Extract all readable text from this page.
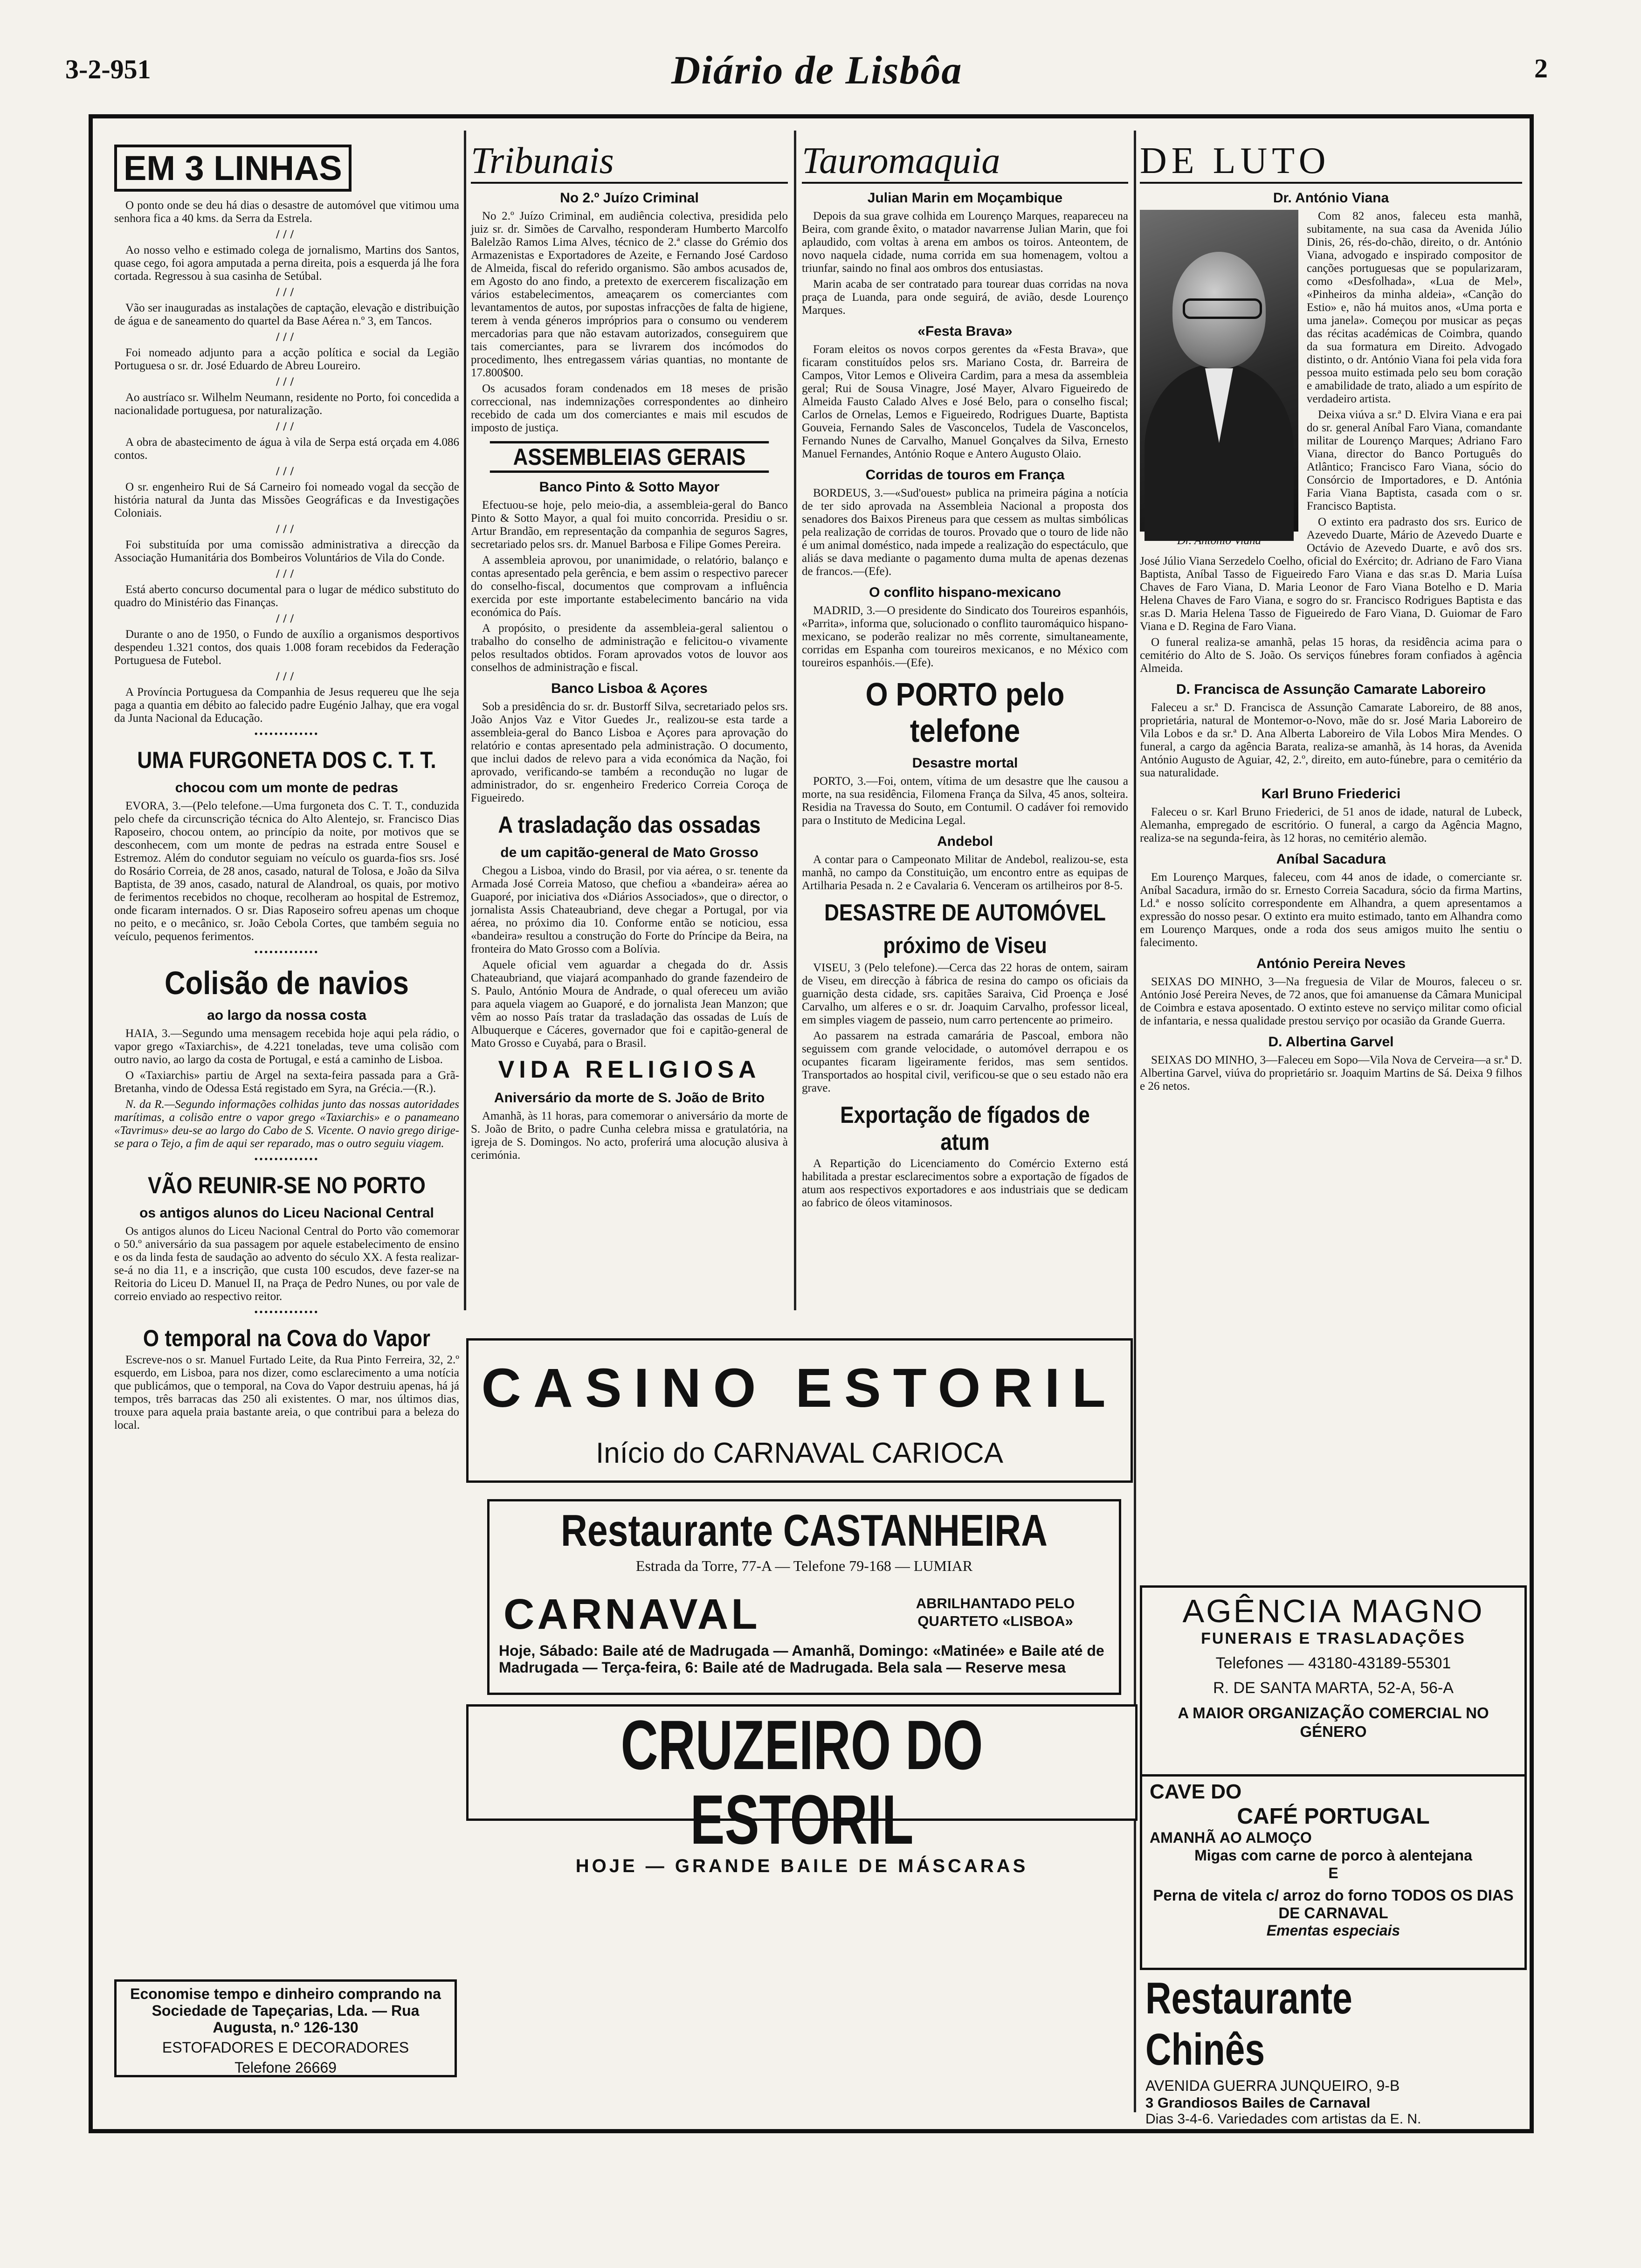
3-2-951	Diário de Lisbôa	2
EM 3 LINHAS

O ponto onde se deu há dias o desastre de automóvel que vitimou uma senhora fica a 40 kms. da Serra da Estrela.

///

Ao nosso velho e estimado colega de jornalismo, Martins dos Santos, quase cego, foi agora amputada a perna direita, pois a esquerda já lhe fora cortada. Regressou à sua casinha de Setúbal.

///

Vão ser inauguradas as instalações de captação, elevação e distribuição de água e de saneamento do quartel da Base Aérea n.º 3, em Tancos.

///

Foi nomeado adjunto para a acção política e social da Legião Portuguesa o sr. dr. José Eduardo de Abreu Loureiro.

///

Ao austríaco sr. Wilhelm Neumann, residente no Porto, foi concedida a nacionalidade portuguesa, por naturalização.

///

A obra de abastecimento de água à vila de Serpa está orçada em 4.086 contos.

///

O sr. engenheiro Rui de Sá Carneiro foi nomeado vogal da secção de história natural da Junta das Missões Geográficas e da Investigações Coloniais.

///

Foi substituída por uma comissão administrativa a direcção da Associação Humanitária dos Bombeiros Voluntários de Vila do Conde.

///

Está aberto concurso documental para o lugar de médico substituto do quadro do Ministério das Finanças.

///

Durante o ano de 1950, o Fundo de auxílio a organismos desportivos despendeu 1.321 contos, dos quais 1.008 foram recebidos da Federação Portuguesa de Futebol.

///

A Província Portuguesa da Companhia de Jesus requereu que lhe seja paga a quantia em débito ao falecido padre Eugénio Jalhay, que era vogal da Junta Nacional da Educação.

•••••••••••••
UMA FURGONETA DOS C. T. T.
chocou com um monte de pedras

EVORA, 3.—(Pelo telefone.—Uma furgoneta dos C. T. T., conduzida pelo chefe da circunscrição técnica do Alto Alentejo, sr. Francisco Dias Raposeiro, chocou ontem, ao princípio da noite, por motivos que se desconhecem, com um monte de pedras na estrada entre Sousel e Estremoz. Além do condutor seguiam no veículo os guarda-fios srs. José do Rosário Correia, de 28 anos, casado, natural de Tolosa, e João da Silva Baptista, de 39 anos, casado, natural de Alandroal, os quais, por motivo de ferimentos recebidos no choque, recolheram ao hospital de Estremoz, onde ficaram internados. O sr. Dias Raposeiro sofreu apenas um choque no peito, e o mecânico, sr. João Cebola Cortes, que também seguia no veículo, pequenos ferimentos.

•••••••••••••
Colisão de navios
ao largo da nossa costa

HAIA, 3.—Segundo uma mensagem recebida hoje aqui pela rádio, o vapor grego «Taxiarchis», de 4.221 toneladas, teve uma colisão com outro navio, ao largo da costa de Portugal, e está a caminho de Lisboa.

O «Taxiarchis» partiu de Argel na sexta-feira passada para a Grã-Bretanha, vindo de Odessa Está registado em Syra, na Grécia.—(R.).

N. da R.—Segundo informações colhidas junto das nossas autoridades marítimas, a colisão entre o vapor grego «Taxiarchis» e o panameano «Tavrimus» deu-se ao largo do Cabo de S. Vicente. O navio grego dirige-se para o Tejo, a fim de aqui ser reparado, mas o outro seguiu viagem.

•••••••••••••
VÃO REUNIR-SE NO PORTO
os antigos alunos do Liceu Nacional Central

Os antigos alunos do Liceu Nacional Central do Porto vão comemorar o 50.º aniversário da sua passagem por aquele estabelecimento de ensino e os da linda festa de saudação ao advento do século XX. A festa realizar-se-á no dia 11, e a inscrição, que custa 100 escudos, deve fazer-se na Reitoria do Liceu D. Manuel II, na Praça de Pedro Nunes, ou por vale de correio enviado ao respectivo reitor.

•••••••••••••
O temporal na Cova do Vapor

Escreve-nos o sr. Manuel Furtado Leite, da Rua Pinto Ferreira, 32, 2.º esquerdo, em Lisboa, para nos dizer, como esclarecimento a uma notícia que publicámos, que o temporal, na Cova do Vapor destruiu apenas, há já tempos, três barracas das 250 ali existentes. O mar, nos últimos dias, trouxe para aquela praia bastante areia, o que contribui para a beleza do local.

Tribunais
No 2.º Juízo Criminal

No 2.º Juízo Criminal, em audiência colectiva, presidida pelo juiz sr. dr. Simões de Carvalho, responderam Humberto Marcolfo Balelzão Ramos Lima Alves, técnico de 2.ª classe do Grémio dos Armazenistas e Exportadores de Azeite, e Fernando José Cardoso de Almeida, fiscal do referido organismo. São ambos acusados de, em Agosto do ano findo, a pretexto de exercerem fiscalização em vários estabelecimentos, ameaçarem os comerciantes com levantamentos de autos, por supostas infracções de falta de higiene, terem à venda géneros impróprios para o consumo ou venderem mercadorias para que não estavam autorizados, conseguirem que tais comerciantes, para se livrarem dos incómodos do procedimento, lhes entregassem várias quantias, no montante de 17.800$00.

Os acusados foram condenados em 18 meses de prisão correccional, nas indemnizações correspondentes ao dinheiro recebido de cada um dos comerciantes e mais mil escudos de imposto de justiça.

ASSEMBLEIAS GERAIS
Banco Pinto & Sotto Mayor

Efectuou-se hoje, pelo meio-dia, a assembleia-geral do Banco Pinto & Sotto Mayor, a qual foi muito concorrida. Presidiu o sr. Artur Brandão, em representação da companhia de seguros Sagres, secretariado pelos srs. dr. Manuel Barbosa e Filipe Gomes Pereira.

A assembleia aprovou, por unanimidade, o relatório, balanço e contas apresentado pela gerência, e bem assim o respectivo parecer do conselho-fiscal, documentos que comprovam a influência exercida por este importante estabelecimento bancário na vida económica do País.

A propósito, o presidente da assembleia-geral salientou o trabalho do conselho de administração e felicitou-o vivamente pelos resultados obtidos. Foram aprovados votos de louvor aos conselhos de administração e fiscal.

Banco Lisboa & Açores

Sob a presidência do sr. dr. Bustorff Silva, secretariado pelos srs. João Anjos Vaz e Vitor Guedes Jr., realizou-se esta tarde a assembleia-geral do Banco Lisboa e Açores para aprovação do relatório e contas apresentado pela administração. O documento, que inclui dados de relevo para a vida económica da Nação, foi aprovado, verificando-se também a recondução no lugar de administrador, do sr. engenheiro Frederico Correia Coroça de Figueiredo.

A trasladação das ossadas
de um capitão-general de Mato Grosso

Chegou a Lisboa, vindo do Brasil, por via aérea, o sr. tenente da Armada José Correia Matoso, que chefiou a «bandeira» aérea ao Guaporé, por iniciativa dos «Diários Associados», que o director, o jornalista Assis Chateaubriand, deve chegar a Portugal, por via aérea, no próximo dia 10. Conforme então se noticiou, essa «bandeira» resultou a construção do Forte do Príncipe da Beira, na fronteira do Mato Grosso com a Bolívia.

Aquele oficial vem aguardar a chegada do dr. Assis Chateaubriand, que viajará acompanhado do grande fazendeiro de S. Paulo, António Moura de Andrade, o qual ofereceu um avião para aquela viagem ao Guaporé, e do jornalista Jean Manzon; que vêm ao nosso País tratar da trasladação das ossadas de Luís de Albuquerque e Cáceres, governador que foi e capitão-general de Mato Grosso e Cuyabá, para o Brasil.

VIDA RELIGIOSA
Aniversário da morte de S. João de Brito

Amanhã, às 11 horas, para comemorar o aniversário da morte de S. João de Brito, o padre Cunha celebra missa e gratulatória, na igreja de S. Domingos. No acto, proferirá uma alocução alusiva à cerimónia.

Tauromaquia
Julian Marin em Moçambique

Depois da sua grave colhida em Lourenço Marques, reapareceu na Beira, com grande êxito, o matador navarrense Julian Marin, que foi aplaudido, com voltas à arena em ambos os toiros. Anteontem, de novo naquela cidade, numa corrida em sua homenagem, voltou a triunfar, saindo no final aos ombros dos entusiastas.

Marin acaba de ser contratado para tourear duas corridas na nova praça de Luanda, para onde seguirá, de avião, desde Lourenço Marques.

«Festa Brava»

Foram eleitos os novos corpos gerentes da «Festa Brava», que ficaram constituídos pelos srs. Mariano Costa, dr. Barreira de Campos, Vitor Lemos e Oliveira Cardim, para a mesa da assembleia geral; Rui de Sousa Vinagre, José Mayer, Alvaro Figueiredo de Almeida Fausto Calado Alves e José Belo, para o conselho fiscal; Carlos de Ornelas, Lemos e Figueiredo, Rodrigues Duarte, Baptista Gouveia, Fernando Sales de Vasconcelos, Tudela de Vasconcelos, Fernando Nunes de Carvalho, Manuel Gonçalves da Silva, Ernesto Manuel Fernandes, António Roque e Antero Augusto Olaio.

Corridas de touros em França

BORDEUS, 3.—«Sud'ouest» publica na primeira página a notícia de ter sido aprovada na Assembleia Nacional a proposta dos senadores dos Baixos Pireneus para que cessem as multas simbólicas pela realização de corridas de touros. Provado que o touro de lide não é um animal doméstico, nada impede a realização do espectáculo, que aliás se dava mediante o pagamento duma multa de apenas dezenas de francos.—(Efe).

O conflito hispano-mexicano

MADRID, 3.—O presidente do Sindicato dos Toureiros espanhóis, «Parrita», informa que, solucionado o conflito tauromáquico hispano-mexicano, se poderão realizar no mês corrente, simultaneamente, corridas em Espanha com toureiros mexicanos, e no México com toureiros espanhóis.—(Efe).

O PORTO pelo telefone
Desastre mortal

PORTO, 3.—Foi, ontem, vítima de um desastre que lhe causou a morte, na sua residência, Filomena França da Silva, 45 anos, solteira. Residia na Travessa do Souto, em Contumil. O cadáver foi removido para o Instituto de Medicina Legal.

Andebol

A contar para o Campeonato Militar de Andebol, realizou-se, esta manhã, no campo da Constituição, um encontro entre as equipas de Artilharia Pesada n. 2 e Cavalaria 6. Venceram os artilheiros por 8-5.

DESASTRE DE AUTOMÓVEL
próximo de Viseu

VISEU, 3 (Pelo telefone).—Cerca das 22 horas de ontem, sairam de Viseu, em direcção à fábrica de resina do campo os oficiais da guarnição desta cidade, srs. capitães Saraiva, Cid Proença e José Carvalho, um alferes e o sr. dr. Joaquim Carvalho, professor liceal, em simples viagem de passeio, num carro pertencente ao primeiro.

Ao passarem na estrada camarária de Pascoal, embora não seguissem com grande velocidade, o automóvel derrapou e os ocupantes ficaram ligeiramente feridos, mas sem sentidos. Transportados ao hospital civil, verificou-se que o seu estado não era grave.

Exportação de fígados de atum

A Repartição do Licenciamento do Comércio Externo está habilitada a prestar esclarecimentos sobre a exportação de fígados de atum aos respectivos exportadores e aos industriais que se dedicam ao fabrico de óleos vitaminosos.

DE LUTO
Dr. António Viana

Com 82 anos, faleceu esta manhã, subitamente, na sua casa da Avenida Júlio Dinis, 26, rés-do-chão, direito, o dr. António Viana, advogado e inspirado compositor de canções portuguesas que se popularizaram, como «Desfolhada», «Lua de Mel», «Pinheiros da minha aldeia», «Canção do Estio» e, não há muitos anos, «Uma porta e uma janela». Começou por musicar as peças das récitas académicas de Coimbra, quando da sua formatura em Direito. Advogado distinto, o dr. António Viana foi pela vida fora pessoa muito estimada pelo seu bom coração e amabilidade de trato, aliado a um espírito de verdadeiro artista.

Deixa viúva a sr.ª D. Elvira Viana e era pai do sr. general Aníbal Faro Viana, comandante militar de Lourenço Marques; Adriano Faro Viana, director do Banco Português do Atlântico; Francisco Faro Viana, sócio do Consórcio de Importadores, e D. Antónia Faria Viana Baptista, casada com o sr. Francisco Baptista.

O extinto era padrasto dos srs. Eurico de Azevedo Duarte, Mário de Azevedo Duarte e Octávio de Azevedo Duarte, e avô dos srs. José Júlio Viana Serzedelo Coelho, oficial do Exército; dr. Adriano de Faro Viana Baptista, Aníbal Tasso de Figueiredo Faro Viana e das sr.as D. Maria Luísa Chaves de Faro Viana, D. Maria Leonor de Faro Viana Botelho e D. Maria Helena Chaves de Faro Viana, e sogro do sr. Francisco Rodrigues Baptista e das sr.as D. Maria Helena Tasso de Figueiredo de Faro Viana, D. Guiomar de Faro Viana e D. Regina de Faro Viana.

O funeral realiza-se amanhã, pelas 15 horas, da residência acima para o cemitério do Alto de S. João. Os serviços fúnebres foram confiados à agência Almeida.

D. Francisca de Assunção Camarate Laboreiro

Faleceu a sr.ª D. Francisca de Assunção Camarate Laboreiro, de 88 anos, proprietária, natural de Montemor-o-Novo, mãe do sr. José Maria Laboreiro de Vila Lobos e da sr.ª D. Ana Alberta Laboreiro de Vila Lobos Mira Mendes. O funeral, a cargo da agência Barata, realiza-se amanhã, às 14 horas, da Avenida António Augusto de Aguiar, 42, 2.º, direito, em auto-fúnebre, para o cemitério da sua naturalidade.

Karl Bruno Friederici

Faleceu o sr. Karl Bruno Friederici, de 51 anos de idade, natural de Lubeck, Alemanha, empregado de escritório. O funeral, a cargo da Agência Magno, realiza-se na segunda-feira, às 12 horas, no cemitério alemão.

Aníbal Sacadura

Em Lourenço Marques, faleceu, com 44 anos de idade, o comerciante sr. Aníbal Sacadura, irmão do sr. Ernesto Correia Sacadura, sócio da firma Martins, Ld.ª e nosso solícito correspondente em Alhandra, a quem apresentamos a expressão do nosso pesar. O extinto era muito estimado, tanto em Alhandra como em Lourenço Marques, onde a roda dos seus amigos muito lhe sentiu o falecimento.

António Pereira Neves

SEIXAS DO MINHO, 3—Na freguesia de Vilar de Mouros, faleceu o sr. António José Pereira Neves, de 72 anos, que foi amanuense da Câmara Municipal de Coimbra e estava aposentado. O extinto esteve no serviço militar como oficial de infantaria, e nessa qualidade prestou serviço por ocasião da Grande Guerra.

D. Albertina Garvel

SEIXAS DO MINHO, 3—Faleceu em Sopo—Vila Nova de Cerveira—a sr.ª D. Albertina Garvel, viúva do proprietário sr. Joaquim Martins de Sá. Deixa 9 filhos e 26 netos.

CASINO ESTORIL
Início do CARNAVAL CARIOCA
Restaurante CASTANHEIRA
Estrada da Torre, 77-A — Telefone 79-168 — LUMIAR
CARNAVAL	ABRILHANTADO PELO QUARTETO «LISBOA»
Hoje, Sábado: Baile até de Madrugada — Amanhã, Domingo: «Matinée» e Baile até de Madrugada — Terça-feira, 6: Baile até de Madrugada. Bela sala — Reserve mesa
CRUZEIRO DO ESTORIL
HOJE — GRANDE BAILE DE MÁSCARAS
Economise tempo e dinheiro comprando na Sociedade de Tapeçarias, Lda. — Rua Augusta, n.º 126-130
ESTOFADORES E DECORADORES
Telefone 26669
AGÊNCIA MAGNO
FUNERAIS E TRASLADAÇÕES
Telefones — 43180-43189-55301
R. DE SANTA MARTA, 52-A, 56-A
A MAIOR ORGANIZAÇÃO COMERCIAL NO GÉNERO
CAVE DO
CAFÉ PORTUGAL
AMANHÃ AO ALMOÇO
Migas com carne de porco à alentejana
E
Perna de vitela c/ arroz do forno TODOS OS DIAS DE CARNAVAL
Ementas especiais
Restaurante Chinês
AVENIDA GUERRA JUNQUEIRO, 9-B
3 Grandiosos Bailes de Carnaval
Dias 3-4-6. Variedades com artistas da E. N.
